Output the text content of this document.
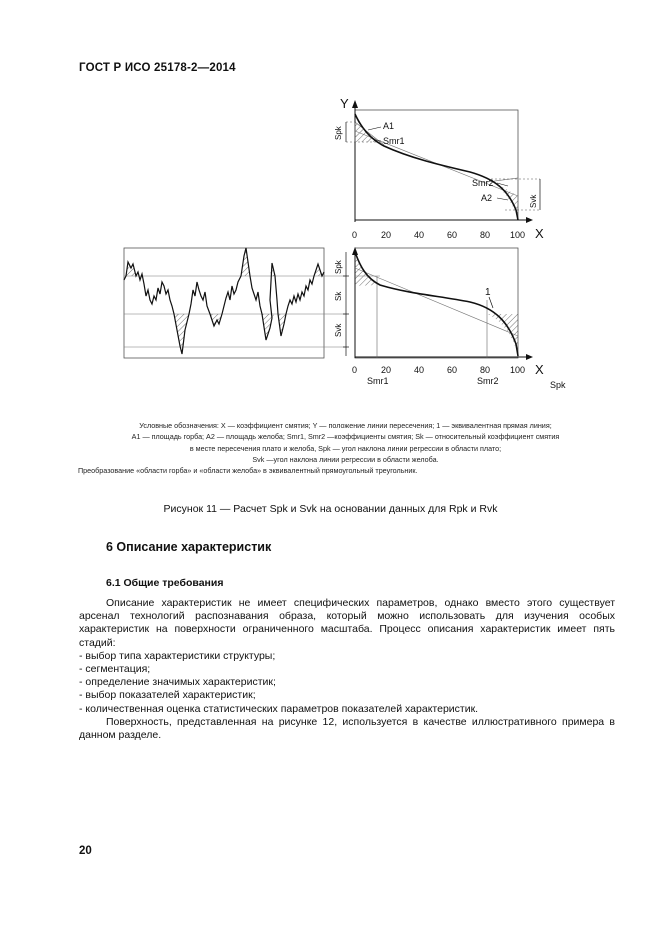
ГОСТ Р ИСО 25178-2—2014
Y
X
0	20	40	60	80 100
Spk
Svk
A1
Smr1
Smr2
A2
X
Spk
Sk
Svk
1
0	20	40	60	80 100
Smr1	Smr2	Spk
Условные обозначения: X — коэффициент смятия; Y — положение линии пересечения; 1 — эквивалентная прямая линия;
A1 — площадь горба; A2 — площадь желоба; Smr1, Smr2 —коэффициенты смятия; Sk — относительный коэффициент смятия
в месте пересечения плато и желоба, Spk — угол наклона линии регрессии в области плато;
Svk —угол наклона линии регрессии в области желоба.
Преобразование «области горба» и «области желоба» в эквивалентный прямоугольный треугольник.
Рисунок 11 — Расчет Spk и Svk на основании данных для Rpk и Rvk
6 Описание характеристик
6.1 Общие требования

Описание характеристик не имеет специфических параметров, однако вместо этого существует арсенал технологий распознавания образа, который можно использовать для изучения особых характеристик на поверхности ограниченного масштаба. Процесс описания характеристик имеет пять стадий:

- выбор типа характеристики структуры;

- сегментация;

- определение значимых характеристик;

- выбор показателей характеристик;

- количественная оценка статистических параметров показателей характеристик.

Поверхность, представленная на рисунке 12, используется в качестве иллюстративного примера в данном разделе.

20
